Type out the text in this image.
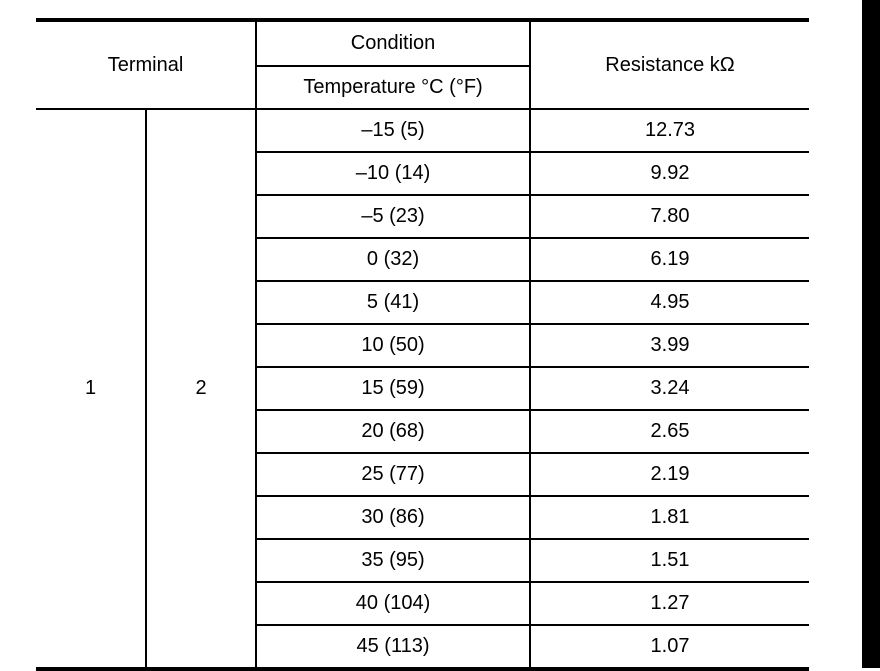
Terminal		Condition	Resistance kΩ
		Temperature °C (°F)	
1	2	–15 (5)	12.73
		–10 (14)	9.92
		–5 (23)	7.80
		0 (32)	6.19
		5 (41)	4.95
		10 (50)	3.99
		15 (59)	3.24
		20 (68)	2.65
		25 (77)	2.19
		30 (86)	1.81
		35 (95)	1.51
		40 (104)	1.27
		45 (113)	1.07
